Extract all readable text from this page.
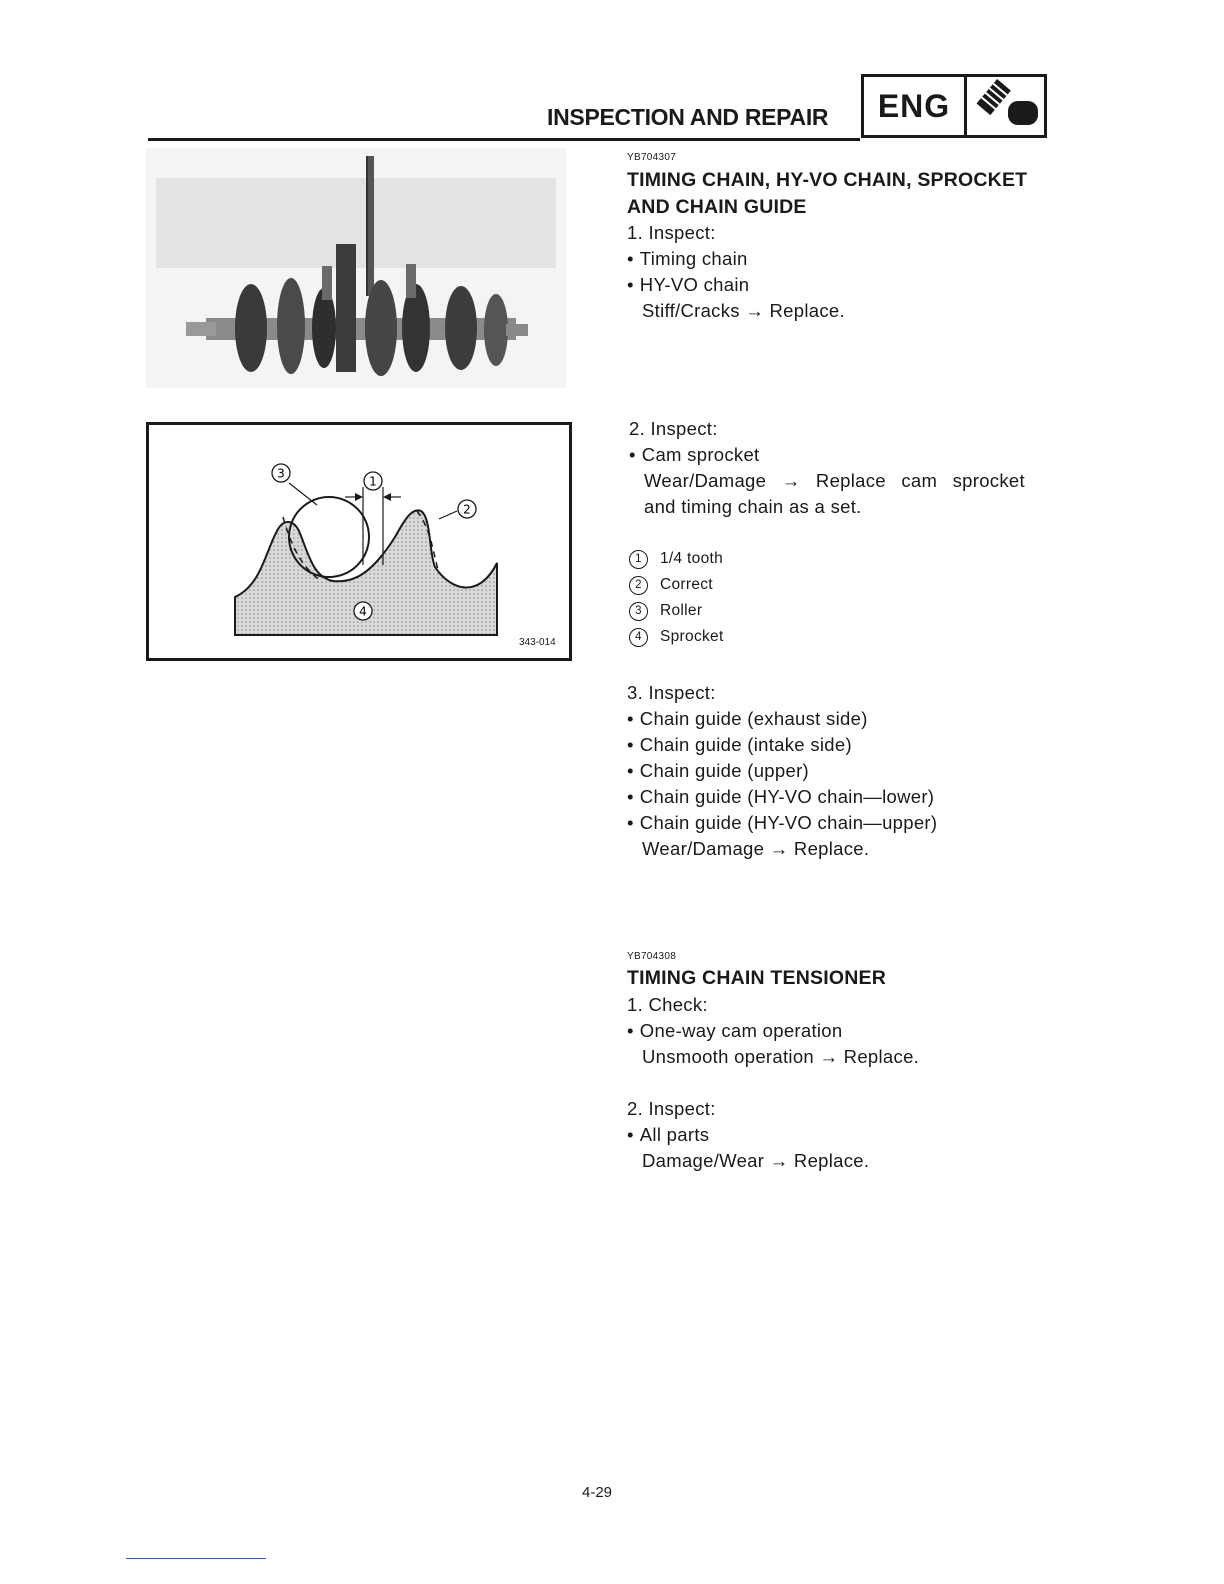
INSPECTION AND REPAIR	ENG
1
2
3
4
343-014
YB704307
TIMING CHAIN, HY-VO CHAIN, SPROCKET
AND CHAIN GUIDE
1. Inspect:
• Timing chain
• HY-VO chain
Stiff/Cracks → Replace.
2. Inspect:
• Cam sprocket
Wear/Damage → Replace cam sprocket
and timing chain as a set.
1 1/4 tooth
2 Correct
3 Roller
4 Sprocket
3. Inspect:
• Chain guide (exhaust side)
• Chain guide (intake side)
• Chain guide (upper)
• Chain guide (HY-VO chain—lower)
• Chain guide (HY-VO chain—upper)
Wear/Damage → Replace.
YB704308
TIMING CHAIN TENSIONER
1. Check:
• One-way cam operation
Unsmooth operation → Replace.
2. Inspect:
• All parts
Damage/Wear → Replace.
4-29
